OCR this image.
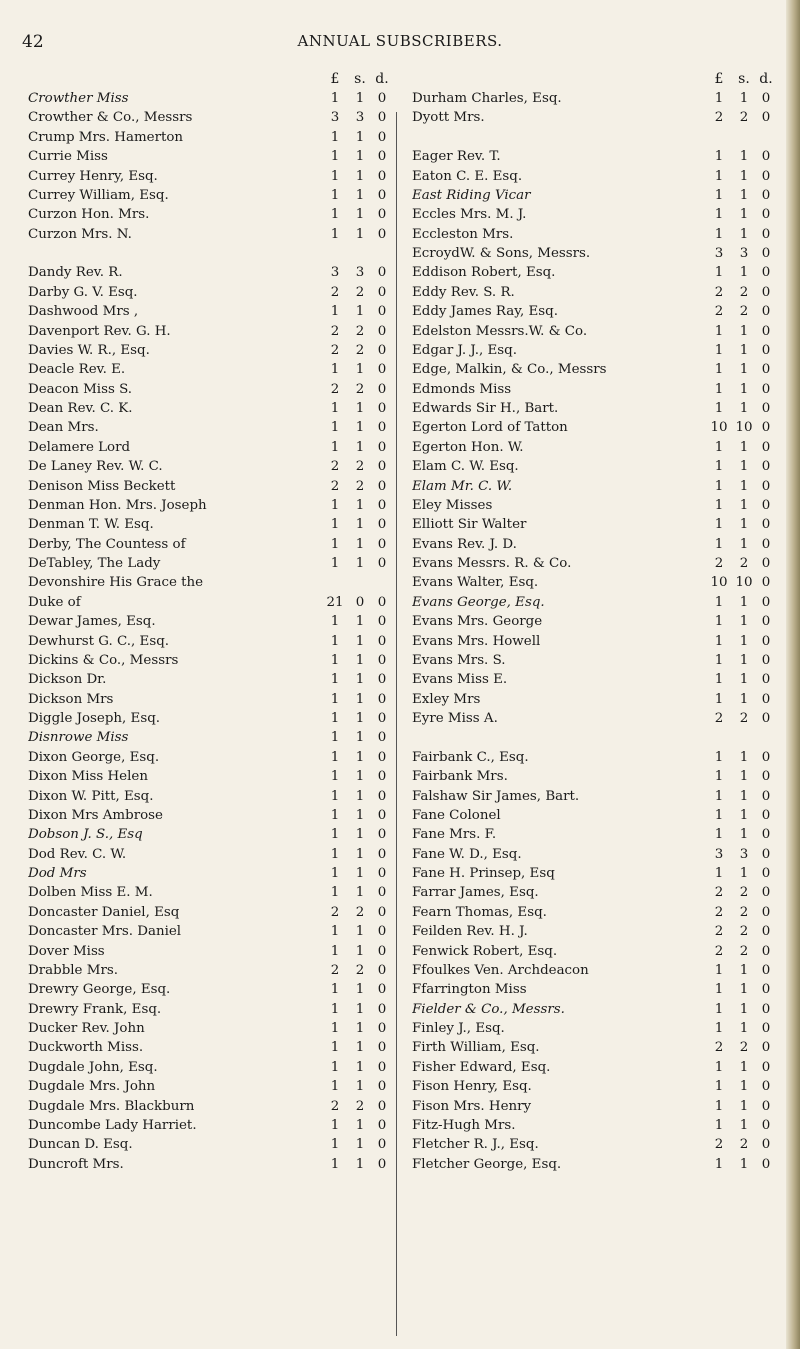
42	ANNUAL SUBSCRIBERS.
£	s. d.
Crowther Miss	1	1	0
Crowther & Co., Messrs	3	3	0
Crump Mrs. Hamerton	1	1	0
Currie Miss	1	1	0
Currey Henry, Esq.	1	1	0
Currey William, Esq.	1	1	0
Curzon Hon. Mrs.	1	1	0
Curzon Mrs. N.	1	1	0
Dandy Rev. R.	3	3	0
Darby G. V. Esq.	2	2	0
Dashwood Mrs ,	1	1	0
Davenport Rev. G. H.	2	2	0
Davies W. R., Esq.	2	2	0
Deacle Rev. E.	1	1	0
Deacon Miss S.	2	2	0
Dean Rev. C. K.	1	1	0
Dean Mrs.	1	1	0
Delamere Lord	1	1	0
De Laney Rev. W. C.	2	2	0
Denison Miss Beckett	2	2	0
Denman Hon. Mrs. Joseph	1	1	0
Denman T. W. Esq.	1	1	0
Derby, The Countess of	1	1	0
DeTabley, The Lady	1	1	0
Devonshire His Grace the
Duke of	21 0	0
Dewar James, Esq.	1	1	0
Dewhurst G. C., Esq.	1	1	0
Dickins & Co., Messrs	1	1	0
Dickson Dr.	1	1	0
Dickson Mrs	1	1	0
Diggle Joseph, Esq.	1	1	0
Disnrowe Miss	1	1	0
Dixon George, Esq.	1	1	0
Dixon Miss Helen	1	1	0
Dixon W. Pitt, Esq.	1	1	0
Dixon Mrs Ambrose	1	1	0
Dobson J. S., Esq	1	1	0
Dod Rev. C. W.	1	1	0
Dod Mrs	1	1	0
Dolben Miss E. M.	1	1	0
Doncaster Daniel, Esq	2	2	0
Doncaster Mrs. Daniel	1	1	0
Dover Miss	1	1	0
Drabble Mrs.	2	2	0
Drewry George, Esq.	1	1	0
Drewry Frank, Esq.	1	1	0
Ducker Rev. John	1	1	0
Duckworth Miss.	1	1	0
Dugdale John, Esq.	1	1	0
Dugdale Mrs. John	1	1	0
Dugdale Mrs. Blackburn	2	2	0
Duncombe Lady Harriet.	1	1	0
Duncan D. Esq.	1	1	0
Duncroft Mrs.	1	1	0
£	s. d.
Durham Charles, Esq.	1	1	0
Dyott Mrs.	2	2	0
Eager Rev. T.	1	1	0
Eaton C. E. Esq.	1	1	0
East Riding Vicar	1	1	0
Eccles Mrs. M. J.	1	1	0
Eccleston Mrs.	1	1	0
EcroydW. & Sons, Messrs.	3	3	0
Eddison Robert, Esq.	1	1	0
Eddy Rev. S. R.	2	2	0
Eddy James Ray, Esq.	2	2	0
Edelston Messrs.W. & Co.	1	1	0
Edgar J. J., Esq.	1	1	0
Edge, Malkin, & Co., Messrs	1	1	0
Edmonds Miss	1	1	0
Edwards Sir H., Bart.	1	1	0
Egerton Lord of Tatton	10 10 0
Egerton Hon. W.	1	1	0
Elam C. W. Esq.	1	1	0
Elam Mr. C. W.	1	1	0
Eley Misses	1	1	0
Elliott Sir Walter	1	1	0
Evans Rev. J. D.	1	1	0
Evans Messrs. R. & Co.	2	2	0
Evans Walter, Esq.	10 10 0
Evans George, Esq.	1	1	0
Evans Mrs. George	1	1	0
Evans Mrs. Howell	1	1	0
Evans Mrs. S.	1	1	0
Evans Miss E.	1	1	0
Exley Mrs	1	1	0
Eyre Miss A.	2	2	0
Fairbank C., Esq.	1	1	0
Fairbank Mrs.	1	1	0
Falshaw Sir James, Bart.	1	1	0
Fane Colonel	1	1	0
Fane Mrs. F.	1	1	0
Fane W. D., Esq.	3	3	0
Fane H. Prinsep, Esq	1	1	0
Farrar James, Esq.	2	2	0
Fearn Thomas, Esq.	2	2	0
Feilden Rev. H. J.	2	2	0
Fenwick Robert, Esq.	2	2	0
Ffoulkes Ven. Archdeacon	1	1	0
Ffarrington Miss	1	1	0
Fielder & Co., Messrs.	1	1	0
Finley J., Esq.	1	1	0
Firth William, Esq.	2	2	0
Fisher Edward, Esq.	1	1	0
Fison Henry, Esq.	1	1	0
Fison Mrs. Henry	1	1	0
Fitz-Hugh Mrs.	1	1	0
Fletcher R. J., Esq.	2	2	0
Fletcher George, Esq.	1	1	0
